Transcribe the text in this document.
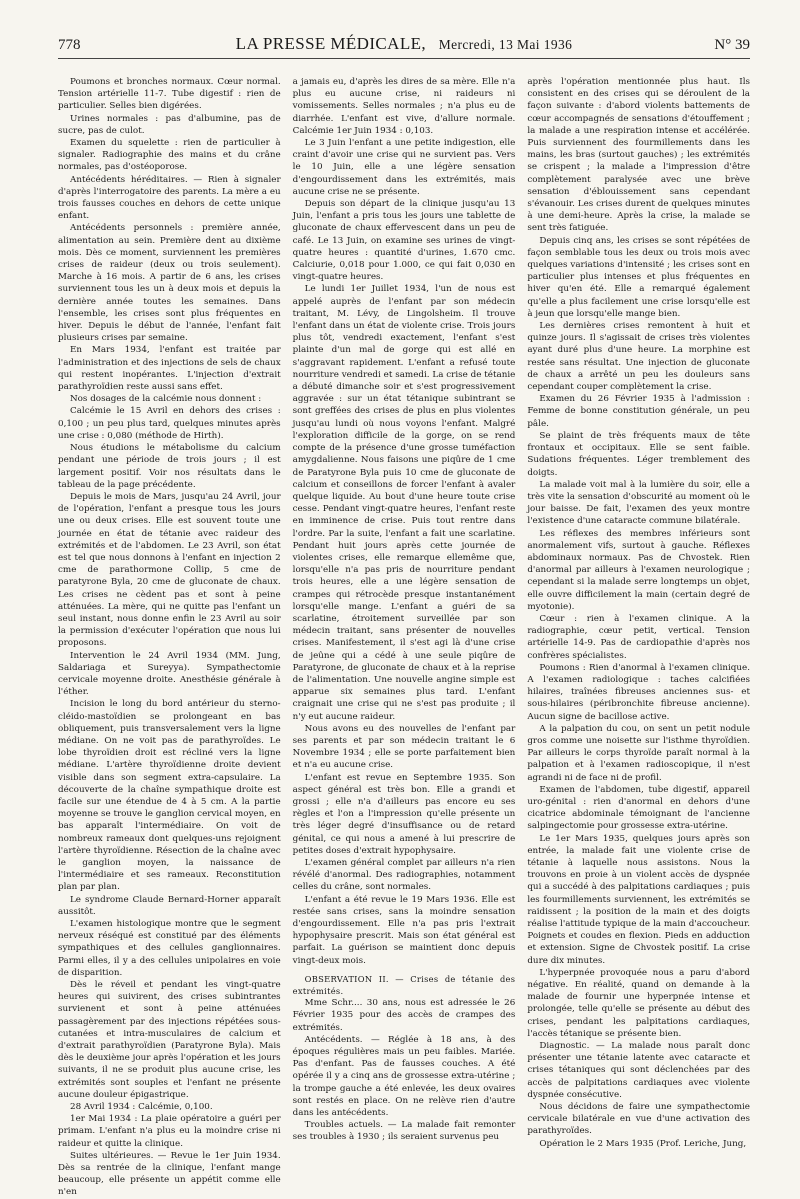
778	LA PRESSE MÉDICALE, Mercredi, 13 Mai 1936	N° 39

Poumons et bronches normaux. Cœur normal. Tension artérielle 11-7. Tube digestif : rien de particulier. Selles bien digérées.

Urines normales : pas d'albumine, pas de sucre, pas de culot.

Examen du squelette : rien de particulier à signaler. Radiographie des mains et du crâne normales, pas d'ostéoporose.

Antécédents héréditaires. — Rien à signaler d'après l'interrogatoire des parents. La mère a eu trois fausses couches en dehors de cette unique enfant.

Antécédents personnels : première année, alimentation au sein. Première dent au dixième mois. Dès ce moment, surviennent les premières crises de raideur (deux ou trois seulement). Marche à 16 mois. A partir de 6 ans, les crises surviennent tous les un à deux mois et depuis la dernière année toutes les semaines. Dans l'ensemble, les crises sont plus fréquentes en hiver. Depuis le début de l'année, l'enfant fait plusieurs crises par semaine.

En Mars 1934, l'enfant est traitée par l'administration et des injections de sels de chaux qui restent inopérantes. L'injection d'extrait parathyroïdien reste aussi sans effet.

Nos dosages de la calcémie nous donnent :

Calcémie le 15 Avril en dehors des crises : 0,100 ; un peu plus tard, quelques minutes après une crise : 0,080 (méthode de Hirth).

Nous étudions le métabolisme du calcium pendant une période de trois jours ; il est largement positif. Voir nos résultats dans le tableau de la page précédente.

Depuis le mois de Mars, jusqu'au 24 Avril, jour de l'opération, l'enfant a presque tous les jours une ou deux crises. Elle est souvent toute une journée en état de tétanie avec raideur des extrémités et de l'abdomen. Le 23 Avril, son état est tel que nous donnons à l'enfant en injection 2 cme de parathormone Collip, 5 cme de paratyrone Byla, 20 cme de gluconate de chaux. Les crises ne cèdent pas et sont à peine atténuées. La mère, qui ne quitte pas l'enfant un seul instant, nous donne enfin le 23 Avril au soir la permission d'exécuter l'opération que nous lui proposons.

Intervention le 24 Avril 1934 (MM. Jung, Saldariaga et Sureyya). Sympathectomie cervicale moyenne droite. Anesthésie générale à l'éther.

Incision le long du bord antérieur du sterno-cléido-mastoïdien se prolongeant en bas obliquement, puis transversalement vers la ligne médiane. On ne voit pas de parathyroïdes. Le lobe thyroïdien droit est récliné vers la ligne médiane. L'artère thyroïdienne droite devient visible dans son segment extra-capsulaire. La découverte de la chaîne sympathique droite est facile sur une étendue de 4 à 5 cm. A la partie moyenne se trouve le ganglion cervical moyen, en bas apparaît l'intermédiaire. On voit de nombreux rameaux dont quelques-uns rejoignent l'artère thyroïdienne. Résection de la chaîne avec le ganglion moyen, la naissance de l'intermédiaire et ses rameaux. Reconstitution plan par plan.

Le syndrome Claude Bernard-Horner apparaît aussitôt.

L'examen histologique montre que le segment nerveux réséqué est constitué par des éléments sympathiques et des cellules ganglionnaires. Parmi elles, il y a des cellules unipolaires en voie de disparition.

Dès le réveil et pendant les vingt-quatre heures qui suivirent, des crises subintrantes survienent et sont à peine atténuées passagèrement par des injections répétées sous-cutanées et intra-musculaires de calcium et d'extrait parathyroïdien (Paratyrone Byla). Mais dès le deuxième jour après l'opération et les jours suivants, il ne se produit plus aucune crise, les extrémités sont souples et l'enfant ne présente aucune douleur épigastrique.

28 Avril 1934 : Calcémie, 0,100.

1er Mai 1934 : La plaie opératoire a guéri per primam. L'enfant n'a plus eu la moindre crise ni raideur et quitte la clinique.

Suites ultérieures. — Revue le 1er Juin 1934. Dès sa rentrée de la clinique, l'enfant mange beaucoup, elle présente un appétit comme elle n'en

a jamais eu, d'après les dires de sa mère. Elle n'a plus eu aucune crise, ni raideurs ni vomissements. Selles normales ; n'a plus eu de diarrhée. L'enfant est vive, d'allure normale. Calcémie 1er Juin 1934 : 0,103.

Le 3 Juin l'enfant a une petite indigestion, elle craint d'avoir une crise qui ne survient pas. Vers le 10 Juin, elle a une légère sensation d'engourdissement dans les extrémités, mais aucune crise ne se présente.

Depuis son départ de la clinique jusqu'au 13 Juin, l'enfant a pris tous les jours une tablette de gluconate de chaux effervescent dans un peu de café. Le 13 Juin, on examine ses urines de vingt-quatre heures : quantité d'urines, 1.670 cmc. Calciurie, 0,018 pour 1.000, ce qui fait 0,030 en vingt-quatre heures.

Le lundi 1er Juillet 1934, l'un de nous est appelé auprès de l'enfant par son médecin traitant, M. Lévy, de Lingolsheim. Il trouve l'enfant dans un état de violente crise. Trois jours plus tôt, vendredi exactement, l'enfant s'est plainte d'un mal de gorge qui est allé en s'aggravant rapidement. L'enfant a refusé toute nourriture vendredi et samedi. La crise de tétanie a débuté dimanche soir et s'est progressivement aggravée : sur un état tétanique subintrant se sont greffées des crises de plus en plus violentes jusqu'au lundi où nous voyons l'enfant. Malgré l'exploration difficile de la gorge, on se rend compte de la présence d'une grosse tuméfaction amygdalienne. Nous faisons une piqûre de 1 cme de Paratyrone Byla puis 10 cme de gluconate de calcium et conseillons de forcer l'enfant à avaler quelque liquide. Au bout d'une heure toute crise cesse. Pendant vingt-quatre heures, l'enfant reste en imminence de crise. Puis tout rentre dans l'ordre. Par la suite, l'enfant a fait une scarlatine. Pendant huit jours après cette journée de violentes crises, elle remarque ellemême que, lorsqu'elle n'a pas pris de nourriture pendant trois heures, elle a une légère sensation de crampes qui rétrocède presque instantanément lorsqu'elle mange. L'enfant a guéri de sa scarlatine, étroitement surveillée par son médecin traitant, sans présenter de nouvelles crises. Manifestement, il s'est agi là d'une crise de jeûne qui a cédé à une seule piqûre de Paratyrone, de gluconate de chaux et à la reprise de l'alimentation. Une nouvelle angine simple est apparue six semaines plus tard. L'enfant craignait une crise qui ne s'est pas produite ; il n'y eut aucune raideur.

Nous avons eu des nouvelles de l'enfant par ses parents et par son médecin traitant le 6 Novembre 1934 ; elle se porte parfaitement bien et n'a eu aucune crise.

L'enfant est revue en Septembre 1935. Son aspect général est très bon. Elle a grandi et grossi ; elle n'a d'ailleurs pas encore eu ses règles et l'on a l'impression qu'elle présente un très léger degré d'insuffisance ou de retard génital, ce qui nous a amené à lui prescrire de petites doses d'extrait hypophysaire.

L'examen général complet par ailleurs n'a rien révélé d'anormal. Des radiographies, notamment celles du crâne, sont normales.

L'enfant a été revue le 19 Mars 1936. Elle est restée sans crises, sans la moindre sensation d'engourdissement. Elle n'a pas pris l'extrait hypophysaire prescrit. Mais son état général est parfait. La guérison se maintient donc depuis vingt-deux mois.

OBSERVATION II. — Crises de tétanie des extrémités.

Mme Schr.... 30 ans, nous est adressée le 26 Février 1935 pour des accès de crampes des extrémités.

Antécédents. — Réglée à 18 ans, à des époques régulières mais un peu faibles. Mariée. Pas d'enfant. Pas de fausses couches. A été opérée il y a cinq ans de grossesse extra-utérine ; la trompe gauche a été enlevée, les deux ovaires sont restés en place. On ne relève rien d'autre dans les antécédents.

Troubles actuels. — La malade fait remonter ses troubles à 1930 ; ils seraient survenus peu

après l'opération mentionnée plus haut. Ils consistent en des crises qui se déroulent de la façon suivante : d'abord violents battements de cœur accompagnés de sensations d'étouffement ; la malade a une respiration intense et accélérée. Puis surviennent des fourmillements dans les mains, les bras (surtout gauches) ; les extrémités se crispent ; la malade a l'impression d'être complètement paralysée avec une brève sensation d'éblouissement sans cependant s'évanouir. Les crises durent de quelques minutes à une demi-heure. Après la crise, la malade se sent très fatiguée.

Depuis cinq ans, les crises se sont répétées de façon semblable tous les deux ou trois mois avec quelques variations d'intensité ; les crises sont en particulier plus intenses et plus fréquentes en hiver qu'en été. Elle a remarqué également qu'elle a plus facilement une crise lorsqu'elle est à jeun que lorsqu'elle mange bien.

Les dernières crises remontent à huit et quinze jours. Il s'agissait de crises très violentes ayant duré plus d'une heure. La morphine est restée sans résultat. Une injection de gluconate de chaux a arrêté un peu les douleurs sans cependant couper complètement la crise.

Examen du 26 Février 1935 à l'admission : Femme de bonne constitution générale, un peu pâle.

Se plaint de très fréquents maux de tête frontaux et occipitaux. Elle se sent faible. Sudations fréquentes. Léger tremblement des doigts.

La malade voit mal à la lumière du soir, elle a très vite la sensation d'obscurité au moment où le jour baisse. De fait, l'examen des yeux montre l'existence d'une cataracte commune bilatérale.

Les réflexes des membres inférieurs sont anormalement vifs, surtout à gauche. Réflexes abdominaux normaux. Pas de Chvostek. Rien d'anormal par ailleurs à l'examen neurologique ; cependant si la malade serre longtemps un objet, elle ouvre difficilement la main (certain degré de myotonie).

Cœur : rien à l'examen clinique. A la radiographie, cœur petit, vertical. Tension artérielle 14-9. Pas de cardiopathie d'après nos confrères spécialistes.

Poumons : Rien d'anormal à l'examen clinique. A l'examen radiologique : taches calcifiées hilaires, traînées fibreuses anciennes sus- et sous-hilaires (péribronchite fibreuse ancienne). Aucun signe de bacillose active.

A la palpation du cou, on sent un petit nodule gros comme une noisette sur l'isthme thyroïdien. Par ailleurs le corps thyroïde paraît normal à la palpation et à l'examen radioscopique, il n'est agrandi ni de face ni de profil.

Examen de l'abdomen, tube digestif, appareil uro-génital : rien d'anormal en dehors d'une cicatrice abdominale témoignant de l'ancienne salpingectomie pour grossesse extra-utérine.

Le 1er Mars 1935, quelques jours après son entrée, la malade fait une violente crise de tétanie à laquelle nous assistons. Nous la trouvons en proie à un violent accès de dyspnée qui a succédé à des palpitations cardiaques ; puis les fourmillements surviennent, les extrémités se raidissent ; la position de la main et des doigts réalise l'attitude typique de la main d'accoucheur. Poignets et coudes en flexion. Pieds en adduction et extension. Signe de Chvostek positif. La crise dure dix minutes.

L'hyperpnée provoquée nous a paru d'abord négative. En réalité, quand on demande à la malade de fournir une hyperpnée intense et prolongée, telle qu'elle se présente au début des crises, pendant les palpitations cardiaques, l'accès tétanique se présente bien.

Diagnostic. — La malade nous paraît donc présenter une tétanie latente avec cataracte et crises tétaniques qui sont déclenchées par des accès de palpitations cardiaques avec violente dyspnée consécutive.

Nous décidons de faire une sympathectomie cervicale bilatérale en vue d'une activation des parathyroïdes.

Opération le 2 Mars 1935 (Prof. Leriche, Jung,
